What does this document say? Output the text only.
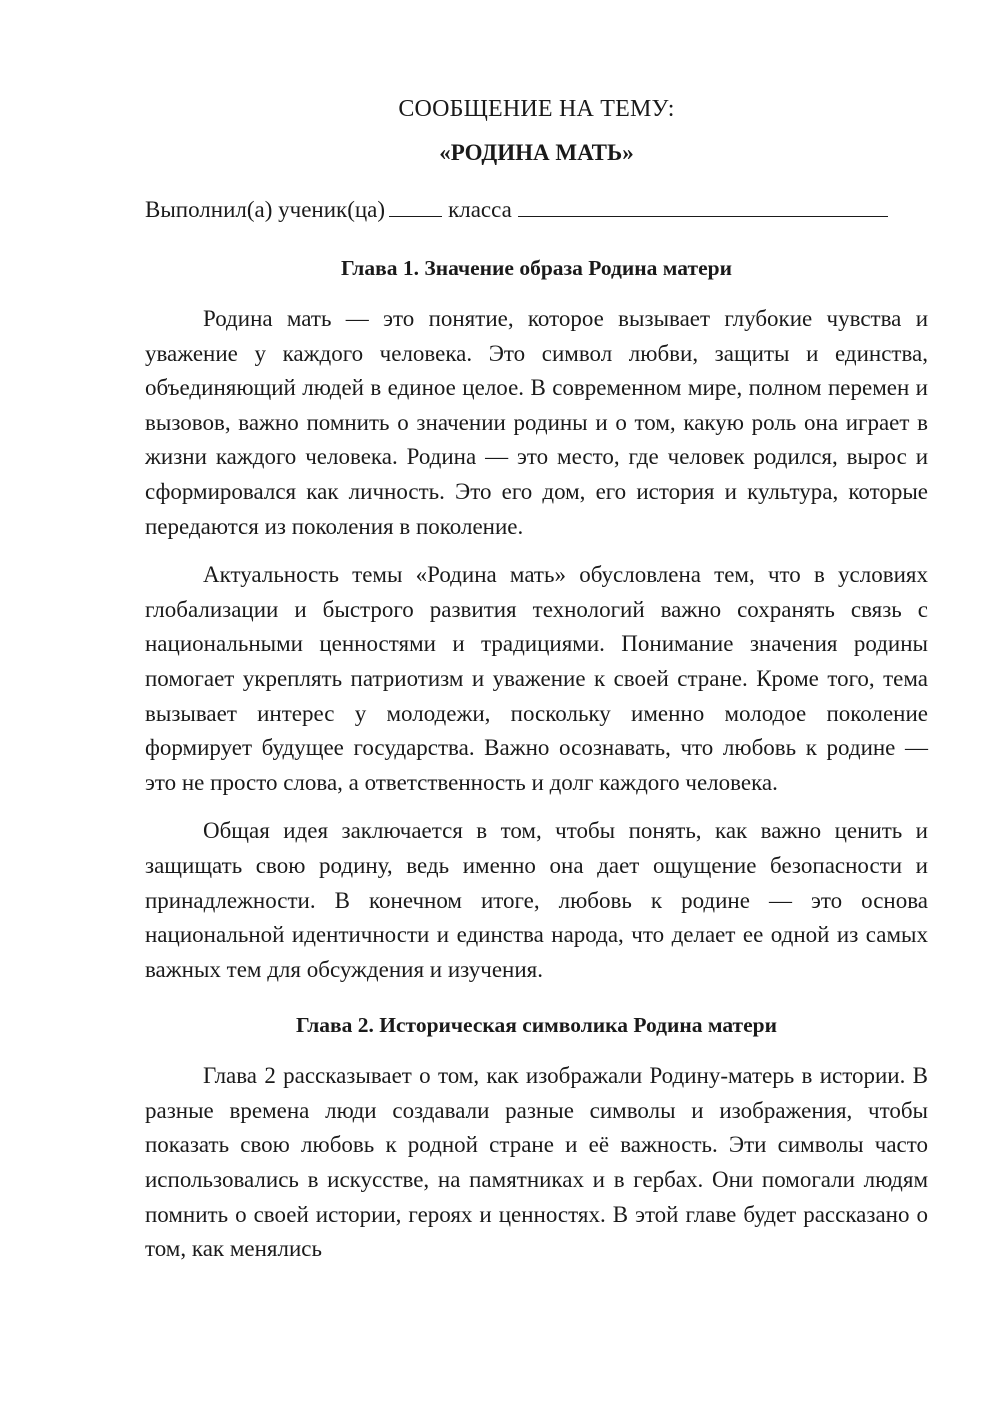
СООБЩЕНИЕ НА ТЕМУ:
«РОДИНА МАТЬ»
Выполнил(а) ученик(ца)	класса
Глава 1. Значение образа Родина матери

Родина мать — это понятие, которое вызывает глубокие чувства и уважение у каждого человека. Это символ любви, защиты и единства, объединяющий людей в единое целое. В современном мире, полном перемен и вызовов, важно помнить о значении родины и о том, какую роль она играет в жизни каждого человека. Родина — это место, где человек родился, вырос и сформировался как личность. Это его дом, его история и культура, которые передаются из поколения в поколение.

Актуальность темы «Родина мать» обусловлена тем, что в условиях глобализации и быстрого развития технологий важно сохранять связь с национальными ценностями и традициями. Понимание значения родины помогает укреплять патриотизм и уважение к своей стране. Кроме того, тема вызывает интерес у молодежи, поскольку именно молодое поколение формирует будущее государства. Важно осознавать, что любовь к родине — это не просто слова, а ответственность и долг каждого человека.

Общая идея заключается в том, чтобы понять, как важно ценить и защищать свою родину, ведь именно она дает ощущение безопасности и принадлежности. В конечном итоге, любовь к родине — это основа национальной идентичности и единства народа, что делает ее одной из самых важных тем для обсуждения и изучения.

Глава 2. Историческая символика Родина матери

Глава 2 рассказывает о том, как изображали Родину-матерь в истории. В разные времена люди создавали разные символы и изображения, чтобы показать свою любовь к родной стране и её важность. Эти символы часто использовались в искусстве, на памятниках и в гербах. Они помогали людям помнить о своей истории, героях и ценностях. В этой главе будет рассказано о том, как менялись
